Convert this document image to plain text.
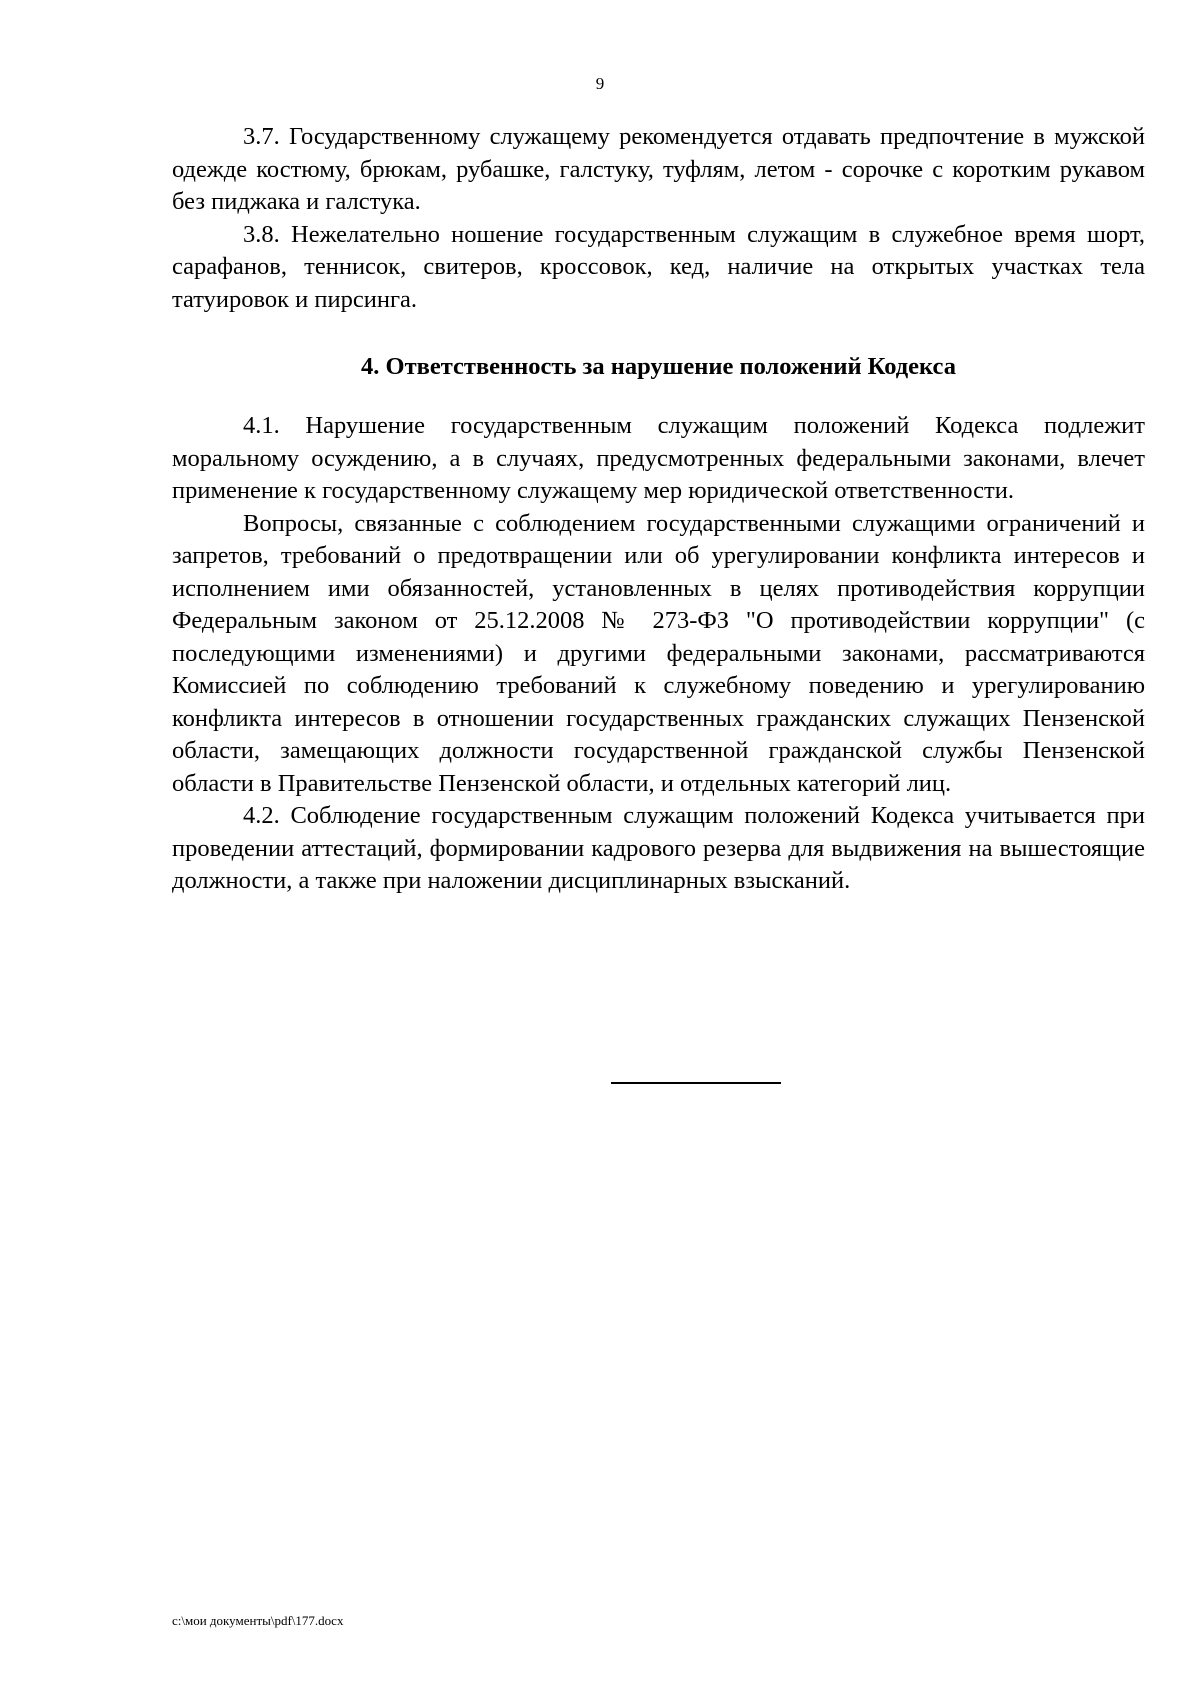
9

3.7. Государственному служащему рекомендуется отдавать предпочтение в мужской одежде костюму, брюкам, рубашке, галстуку, туфлям, летом - сорочке с коротким рукавом без пиджака и галстука.

3.8. Нежелательно ношение государственным служащим в служебное время шорт, сарафанов, теннисок, свитеров, кроссовок, кед, наличие на открытых участках тела татуировок и пирсинга.

4. Ответственность за нарушение положений Кодекса

4.1. Нарушение государственным служащим положений Кодекса подлежит моральному осуждению, а в случаях, предусмотренных федеральными законами, влечет применение к государственному служащему мер юридической ответственности.

Вопросы, связанные с соблюдением государственными служащими ограничений и запретов, требований о предотвращении или об урегулировании конфликта интересов и исполнением ими обязанностей, установленных в целях противодействия коррупции Федеральным законом от 25.12.2008 № 273-ФЗ "О противодействии коррупции" (с последующими изменениями) и другими федеральными законами, рассматриваются Комиссией по соблюдению требований к служебному поведению и урегулированию конфликта интересов в отношении государственных гражданских служащих Пензенской области, замещающих должности государственной гражданской службы Пензенской области в Правительстве Пензенской области, и отдельных категорий лиц.

4.2. Соблюдение государственным служащим положений Кодекса учитывается при проведении аттестаций, формировании кадрового резерва для выдвижения на вышестоящие должности, а также при наложении дисциплинарных взысканий.

c:\мои документы\pdf\177.docx
